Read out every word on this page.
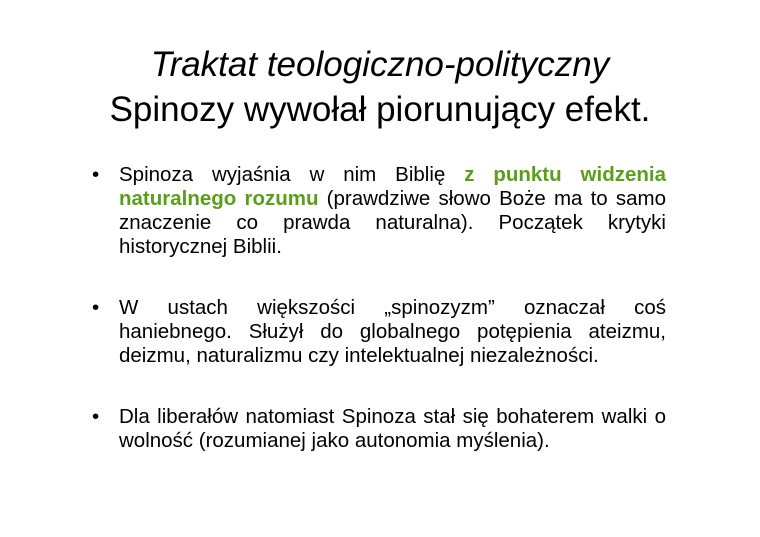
Traktat teologiczno-polityczny
Spinozy wywołał piorunujący efekt.
• Spinoza wyjaśnia w nim Biblię z punktu widzenia naturalnego rozumu (prawdziwe słowo Boże ma to samo znaczenie co prawda naturalna). Początek krytyki historycznej Biblii.
• W ustach większości „spinozyzm” oznaczał coś haniebnego. Służył do globalnego potępienia ateizmu, deizmu, naturalizmu czy intelektualnej niezależności.
• Dla liberałów natomiast Spinoza stał się bohaterem walki o wolność (rozumianej jako autonomia myślenia).
